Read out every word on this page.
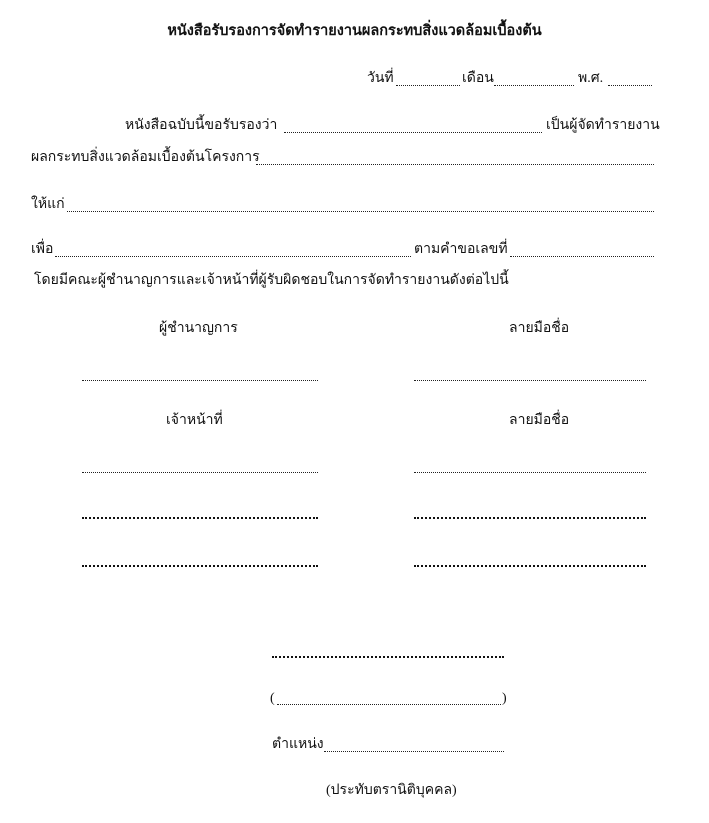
หนังสือรับรองการจัดทำรายงานผลกระทบสิ่งแวดล้อมเบื้องต้น
วันที่	เดือน	พ.ศ.
หนังสือฉบับนี้ขอรับรองว่า	เป็นผู้จัดทำรายงาน
ผลกระทบสิ่งแวดล้อมเบื้องต้นโครงการ
ให้แก่
เพื่อ	ตามคำขอเลขที่
โดยมีคณะผู้ชำนาญการและเจ้าหน้าที่ผู้รับผิดชอบในการจัดทำรายงานดังต่อไปนี้
ผู้ชำนาญการ	ลายมือชื่อ
เจ้าหน้าที่	ลายมือชื่อ
(	)
ตำแหน่ง
(ประทับตรานิติบุคคล)
